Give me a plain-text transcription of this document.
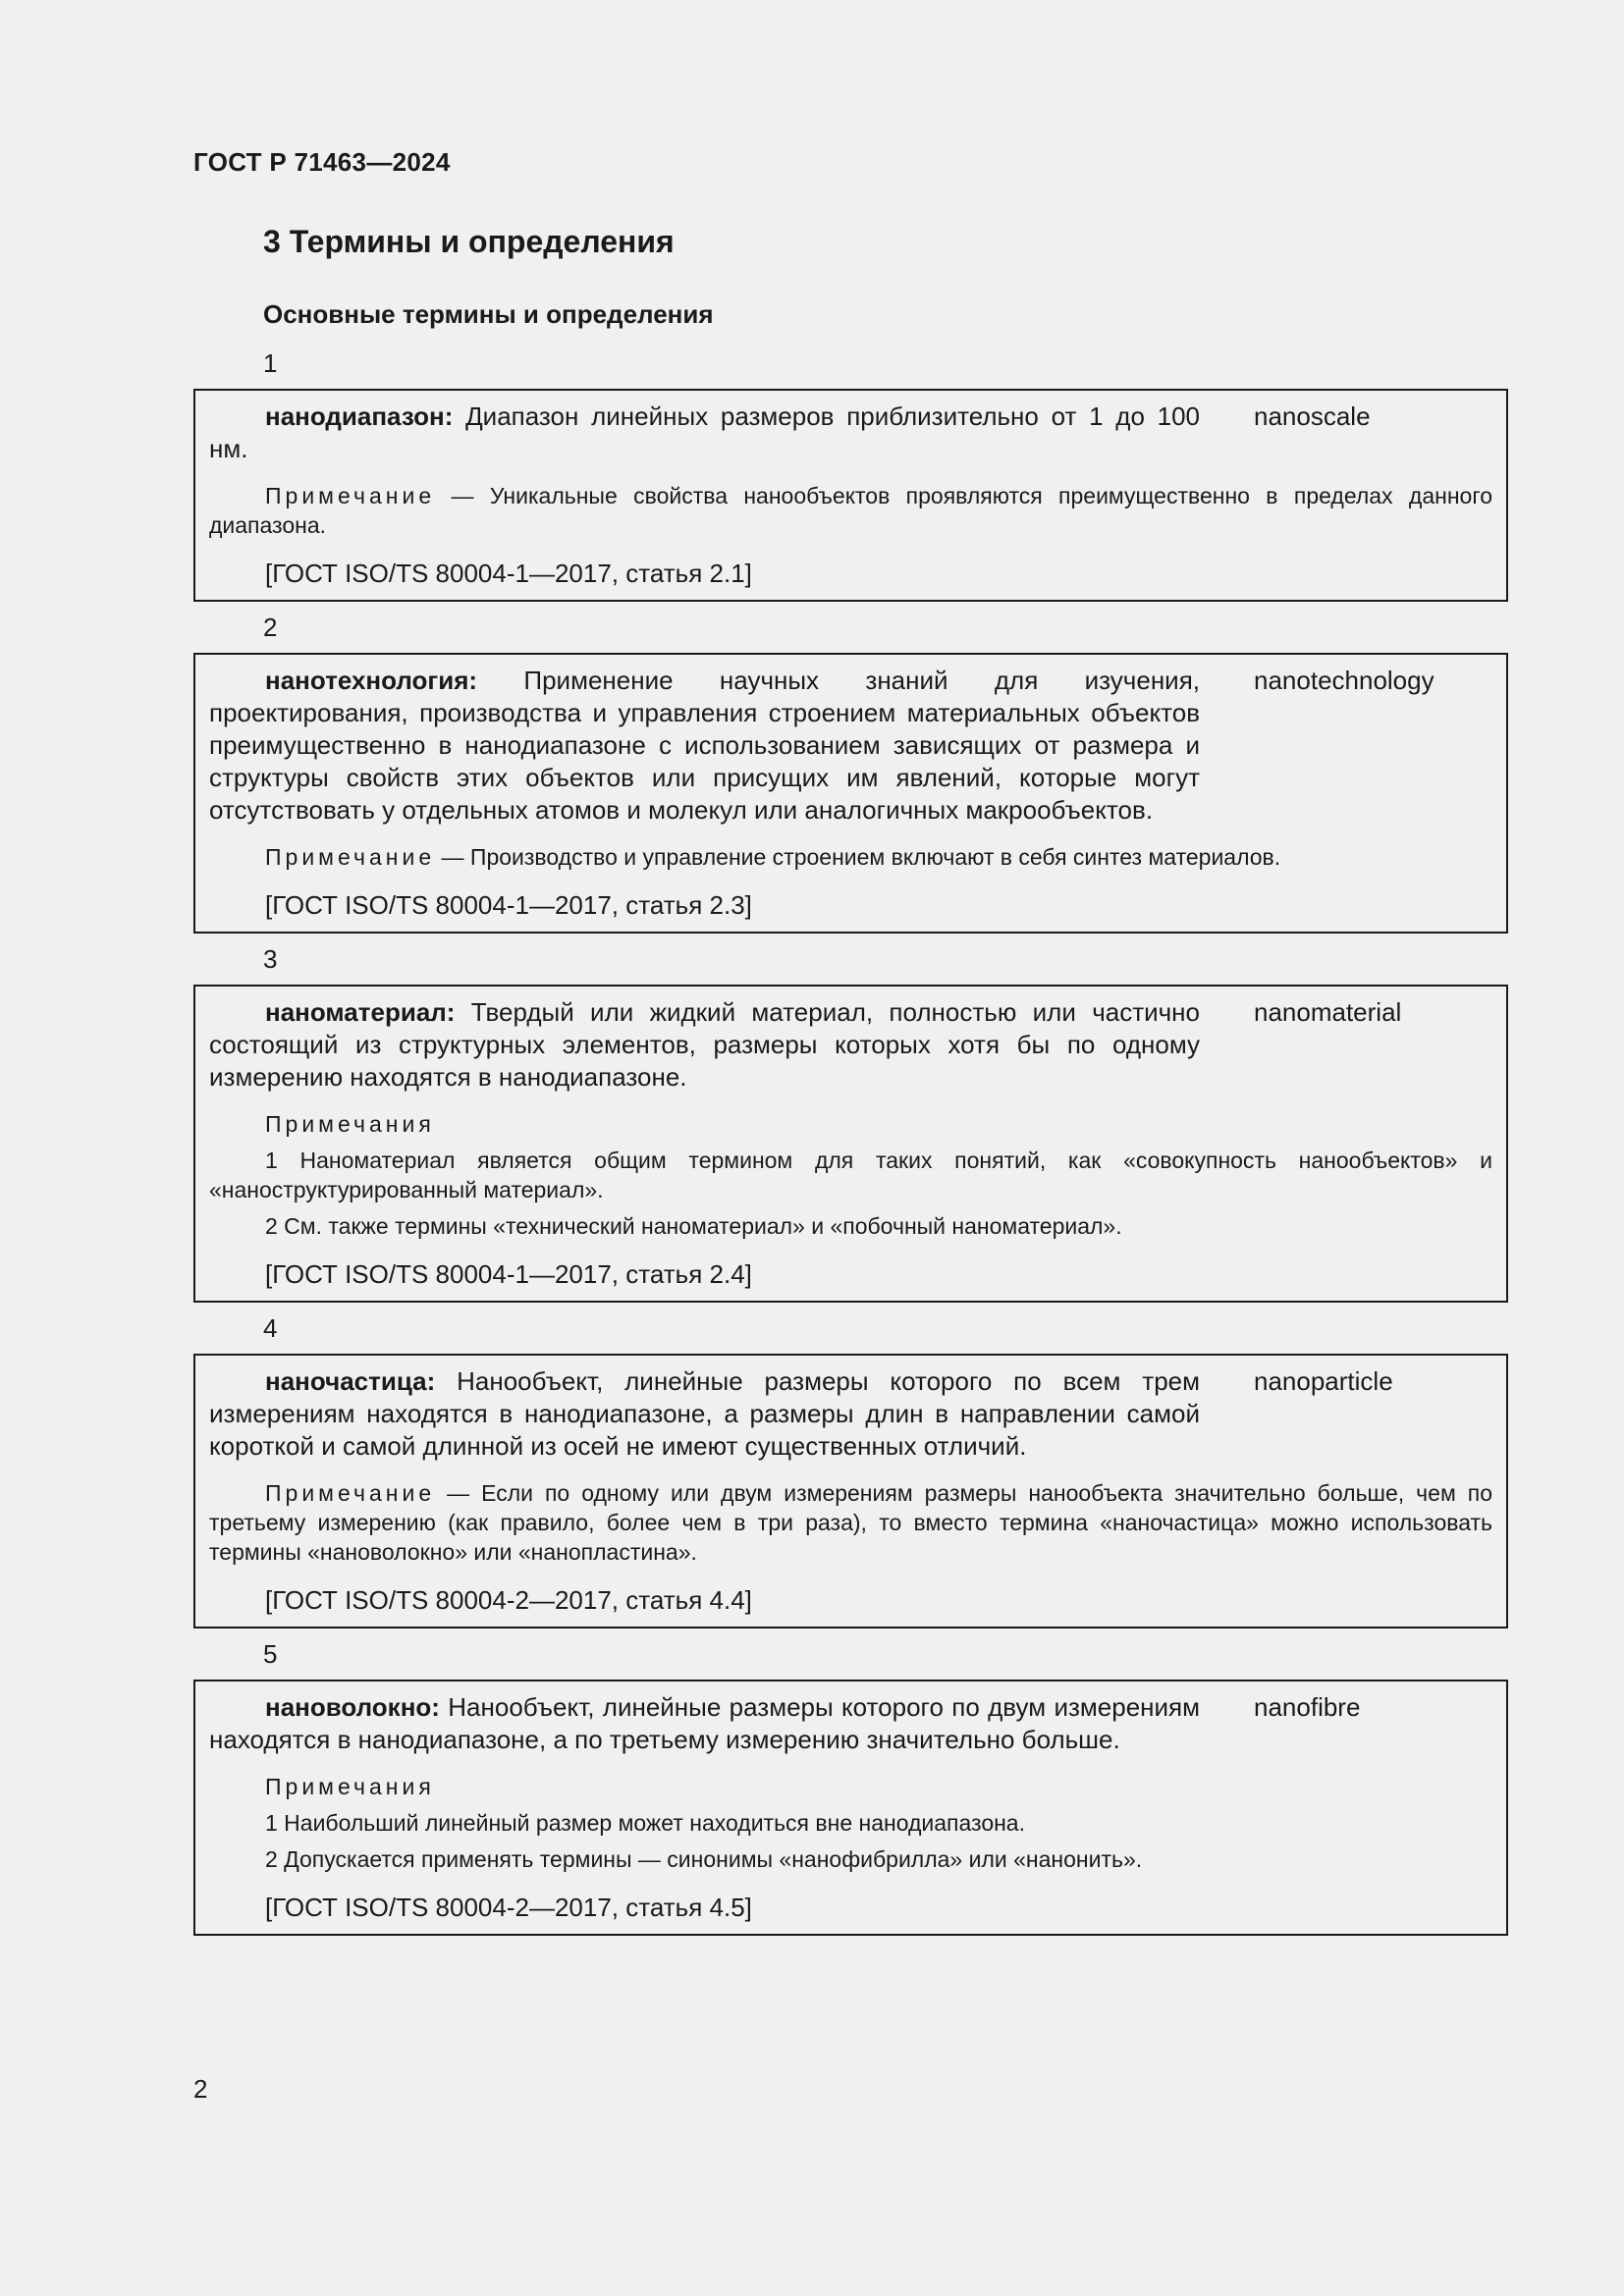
ГОСТ Р 71463—2024
3 Термины и определения
Основные термины и определения
1
нанодиапазон: Диапазон линейных размеров приблизительно от 1 до 100 нм.
nanoscale
Примечание — Уникальные свойства нанообъектов проявляются преимущественно в пределах данного диапазона.
[ГОСТ ISO/TS 80004-1—2017, статья 2.1]
2
нанотехнология: Применение научных знаний для изучения, проектирования, производства и управления строением материальных объектов преимущественно в нанодиапазоне с использованием зависящих от размера и структуры свойств этих объектов или присущих им явлений, которые могут отсутствовать у отдельных атомов и молекул или аналогичных макрообъектов.
nanotechnology
Примечание — Производство и управление строением включают в себя синтез материалов.
[ГОСТ ISO/TS 80004-1—2017, статья 2.3]
3
наноматериал: Твердый или жидкий материал, полностью или частично состоящий из структурных элементов, размеры которых хотя бы по одному измерению находятся в нанодиапазоне.
nanomaterial
Примечания
1 Наноматериал является общим термином для таких понятий, как «совокупность нанообъектов» и «наноструктурированный материал».
2 См. также термины «технический наноматериал» и «побочный наноматериал».
[ГОСТ ISO/TS 80004-1—2017, статья 2.4]
4
наночастица: Нанообъект, линейные размеры которого по всем трем измерениям находятся в нанодиапазоне, а размеры длин в направлении самой короткой и самой длинной из осей не имеют существенных отличий.
nanoparticle
Примечание — Если по одному или двум измерениям размеры нанообъекта значительно больше, чем по третьему измерению (как правило, более чем в три раза), то вместо термина «наночастица» можно использовать термины «нановолокно» или «нанопластина».
[ГОСТ ISO/TS 80004-2—2017, статья 4.4]
5
нановолокно: Нанообъект, линейные размеры которого по двум измерениям находятся в нанодиапазоне, а по третьему измерению значительно больше.
nanofibre
Примечания
1 Наибольший линейный размер может находиться вне нанодиапазона.
2 Допускается применять термины — синонимы «нанофибрилла» или «нанонить».
[ГОСТ ISO/TS 80004-2—2017, статья 4.5]
2
